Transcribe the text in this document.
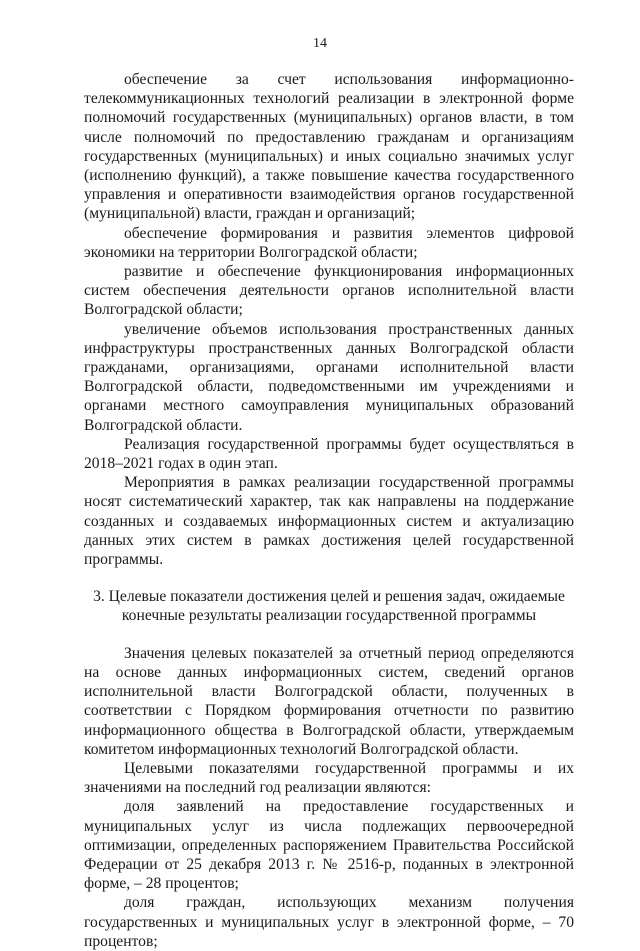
14

обеспечение за счет использования информационно-телекоммуникационных технологий реализации в электронной форме полномочий государственных (муниципальных) органов власти, в том числе полномочий по предоставлению гражданам и организациям государственных (муниципальных) и иных социально значимых услуг (исполнению функций), а также повышение качества государственного управления и оперативности взаимодействия органов государственной (муниципальной) власти, граждан и организаций;

обеспечение формирования и развития элементов цифровой экономики на территории Волгоградской области;

развитие и обеспечение функционирования информационных систем обеспечения деятельности органов исполнительной власти Волгоградской области;

увеличение объемов использования пространственных данных инфраструктуры пространственных данных Волгоградской области гражданами, организациями, органами исполнительной власти Волгоградской области, подведомственными им учреждениями и органами местного самоуправления муниципальных образований Волгоградской области.

Реализация государственной программы будет осуществляться в 2018–2021 годах в один этап.

Мероприятия в рамках реализации государственной программы носят систематический характер, так как направлены на поддержание созданных и создаваемых информационных систем и актуализацию данных этих систем в рамках достижения целей государственной программы.

3. Целевые показатели достижения целей и решения задач, ожидаемые
конечные результаты реализации государственной программы

Значения целевых показателей за отчетный период определяются на основе данных информационных систем, сведений органов исполнительной власти Волгоградской области, полученных в соответствии с Порядком формирования отчетности по развитию информационного общества в Волгоградской области, утверждаемым комитетом информационных технологий Волгоградской области.

Целевыми показателями государственной программы и их значениями на последний год реализации являются:

доля заявлений на предоставление государственных и муниципальных услуг из числа подлежащих первоочередной оптимизации, определенных распоряжением Правительства Российской Федерации от 25 декабря 2013 г. № 2516-р, поданных в электронной форме, – 28 процентов;

доля граждан, использующих механизм получения государственных и муниципальных услуг в электронной форме, – 70 процентов;
